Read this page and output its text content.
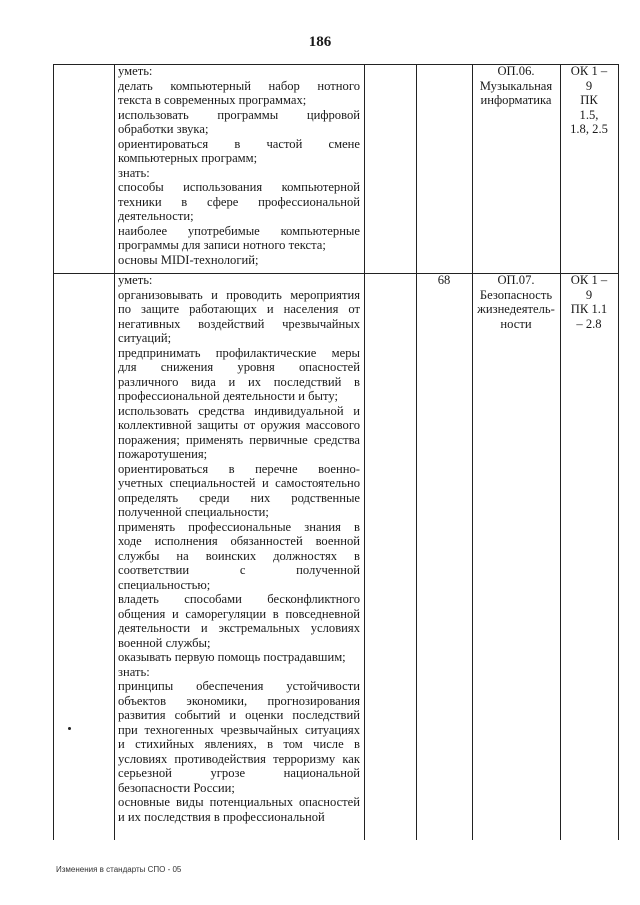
186
уметь:
делать компьютерный набор нотного
текста в современных программах;
использовать программы цифровой
обработки звука;
ориентироваться в частой смене
компьютерных программ;
знать:
способы использования компьютерной
техники в сфере профессиональной
деятельности;
наиболее употребимые компьютерные
программы для записи нотного текста;
основы MIDI-технологий;
ОП.06.
Музыкальная
информатика
ОК 1 –
9
ПК
1.5,
1.8, 2.5
уметь:
организовывать и проводить мероприятия
по защите работающих и населения от
негативных воздействий чрезвычайных
ситуаций;
предпринимать профилактические меры
для снижения уровня опасностей
различного вида и их последствий в
профессиональной деятельности и быту;
использовать средства индивидуальной и
коллективной защиты от оружия массового
поражения; применять первичные средства
пожаротушения;
ориентироваться в перечне военно-
учетных специальностей и самостоятельно
определять среди них родственные
полученной специальности;
применять профессиональные знания в
ходе исполнения обязанностей военной
службы на воинских должностях в
соответствии с полученной
специальностью;
владеть способами бесконфликтного
общения и саморегуляции в повседневной
деятельности и экстремальных условиях
военной службы;
оказывать первую помощь пострадавшим;
знать:
принципы обеспечения устойчивости
объектов экономики, прогнозирования
развития событий и оценки последствий
при техногенных чрезвычайных ситуациях
и стихийных явлениях, в том числе в
условиях противодействия терроризму как
серьезной угрозе национальной
безопасности России;
основные виды потенциальных опасностей
и их последствия в профессиональной
68	ОП.07.
Безопасность
жизнедеятель-
ности
ОК 1 –
9
ПК 1.1
– 2.8
Изменения в стандарты СПО - 05
